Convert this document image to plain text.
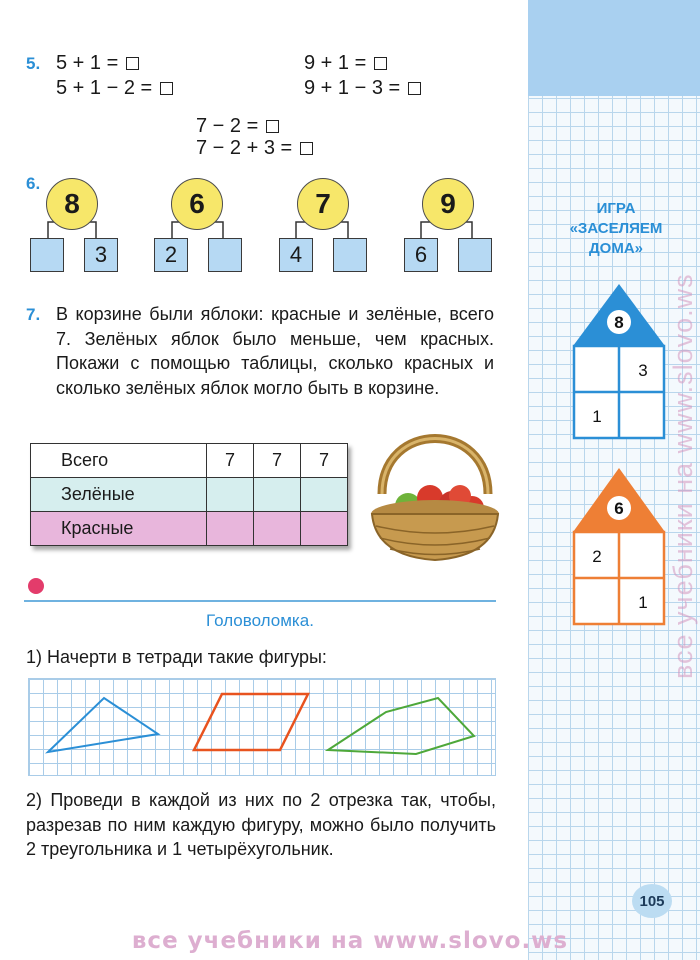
ИГРА
«ЗАСЕЛЯЕМ
ДОМА»
все учебники на www.slovo.ws
8
3
1
6
2
1
5. 5 + 1 =
5 + 1 − 2 =
9 + 1 =
9 + 1 − 3 =
7 − 2 =
7 − 2 + 3 =
6.
8
3
6
2
7
4
9
6
7. В корзине были яблоки: красные и зелёные, всего 7. Зелёных яблок было меньше, чем красных. Покажи с помощью таблицы, сколько красных и сколько зелёных яблок могло быть в корзине.
Всего	7	7	7
Зелёные			
Красные			
Головоломка.
1) Начерти в тетради такие фигуры:
2) Проведи в каждой из них по 2 отрезка так, чтобы, разрезав по ним каждую фигуру, можно было получить 2 треугольника и 1 четырёхугольник.
105
все учебники на www.slovo.ws
